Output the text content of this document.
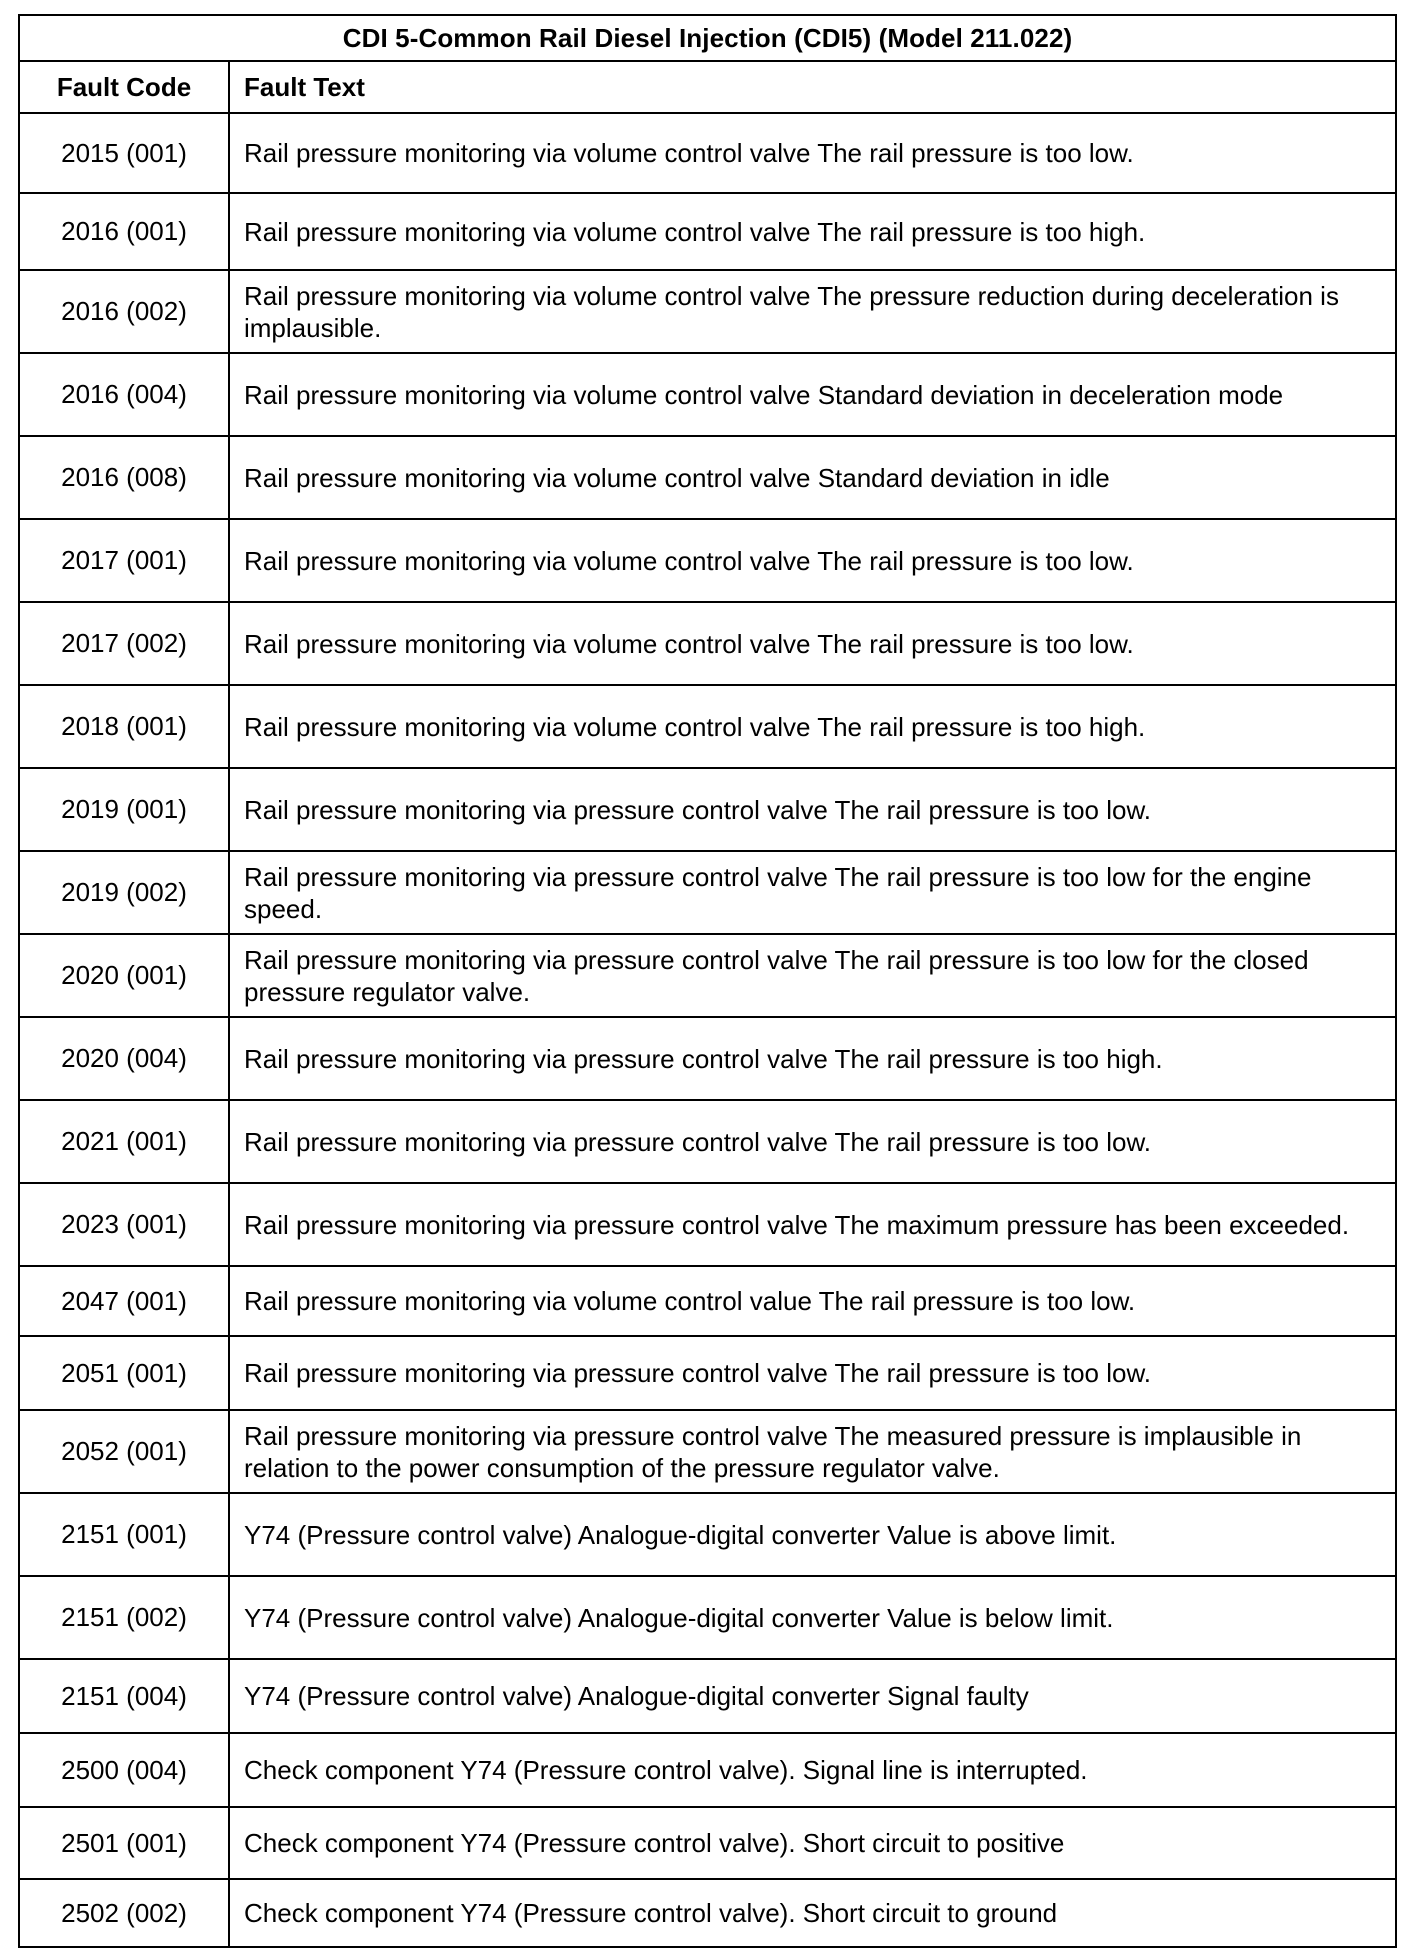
CDI 5-Common Rail Diesel Injection (CDI5) (Model 211.022)	
Fault Code	Fault Text
2015 (001)	Rail pressure monitoring via volume control valve The rail pressure is too low.
2016 (001)	Rail pressure monitoring via volume control valve The rail pressure is too high.
2016 (002)	Rail pressure monitoring via volume control valve The pressure reduction during deceleration is implausible.
2016 (004)	Rail pressure monitoring via volume control valve Standard deviation in deceleration mode
2016 (008)	Rail pressure monitoring via volume control valve Standard deviation in idle
2017 (001)	Rail pressure monitoring via volume control valve The rail pressure is too low.
2017 (002)	Rail pressure monitoring via volume control valve The rail pressure is too low.
2018 (001)	Rail pressure monitoring via volume control valve The rail pressure is too high.
2019 (001)	Rail pressure monitoring via pressure control valve The rail pressure is too low.
2019 (002)	Rail pressure monitoring via pressure control valve The rail pressure is too low for the engine speed.
2020 (001)	Rail pressure monitoring via pressure control valve The rail pressure is too low for the closed pressure regulator valve.
2020 (004)	Rail pressure monitoring via pressure control valve The rail pressure is too high.
2021 (001)	Rail pressure monitoring via pressure control valve The rail pressure is too low.
2023 (001)	Rail pressure monitoring via pressure control valve The maximum pressure has been exceeded.
2047 (001)	Rail pressure monitoring via volume control value The rail pressure is too low.
2051 (001)	Rail pressure monitoring via pressure control valve The rail pressure is too low.
2052 (001)	Rail pressure monitoring via pressure control valve The measured pressure is implausible in relation to the power consumption of the pressure regulator valve.
2151 (001)	Y74 (Pressure control valve) Analogue-digital converter Value is above limit.
2151 (002)	Y74 (Pressure control valve) Analogue-digital converter Value is below limit.
2151 (004)	Y74 (Pressure control valve) Analogue-digital converter Signal faulty
2500 (004)	Check component Y74 (Pressure control valve). Signal line is interrupted.
2501 (001)	Check component Y74 (Pressure control valve). Short circuit to positive
2502 (002)	Check component Y74 (Pressure control valve). Short circuit to ground
